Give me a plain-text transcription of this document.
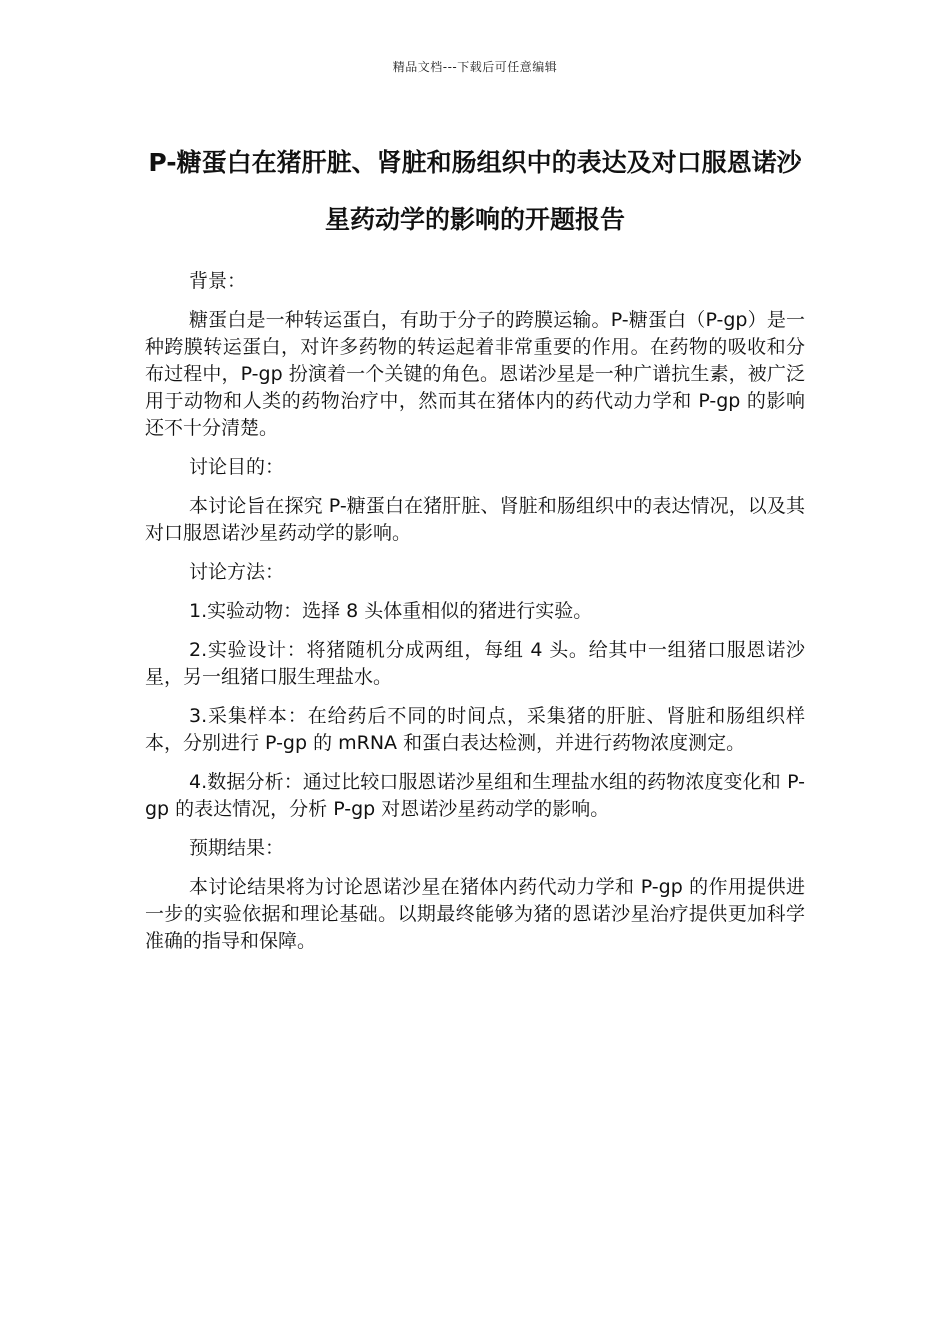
精品文档---下载后可任意编辑
P-糖蛋白在猪肝脏、肾脏和肠组织中的表达及对口服恩诺沙星药动学的影响的开题报告

背景：

糖蛋白是一种转运蛋白，有助于分子的跨膜运输。P-糖蛋白（P-gp）是一种跨膜转运蛋白，对许多药物的转运起着非常重要的作用。在药物的吸收和分布过程中，P-gp 扮演着一个关键的角色。恩诺沙星是一种广谱抗生素，被广泛用于动物和人类的药物治疗中，然而其在猪体内的药代动力学和 P-gp 的影响还不十分清楚。

讨论目的：

本讨论旨在探究 P-糖蛋白在猪肝脏、肾脏和肠组织中的表达情况，以及其对口服恩诺沙星药动学的影响。

讨论方法：

1.实验动物：选择 8 头体重相似的猪进行实验。

2.实验设计：将猪随机分成两组，每组 4 头。给其中一组猪口服恩诺沙星，另一组猪口服生理盐水。

3.采集样本：在给药后不同的时间点，采集猪的肝脏、肾脏和肠组织样本，分别进行 P-gp 的 mRNA 和蛋白表达检测，并进行药物浓度测定。

4.数据分析：通过比较口服恩诺沙星组和生理盐水组的药物浓度变化和 P-gp 的表达情况，分析 P-gp 对恩诺沙星药动学的影响。

预期结果：

本讨论结果将为讨论恩诺沙星在猪体内药代动力学和 P-gp 的作用提供进一步的实验依据和理论基础。以期最终能够为猪的恩诺沙星治疗提供更加科学准确的指导和保障。
